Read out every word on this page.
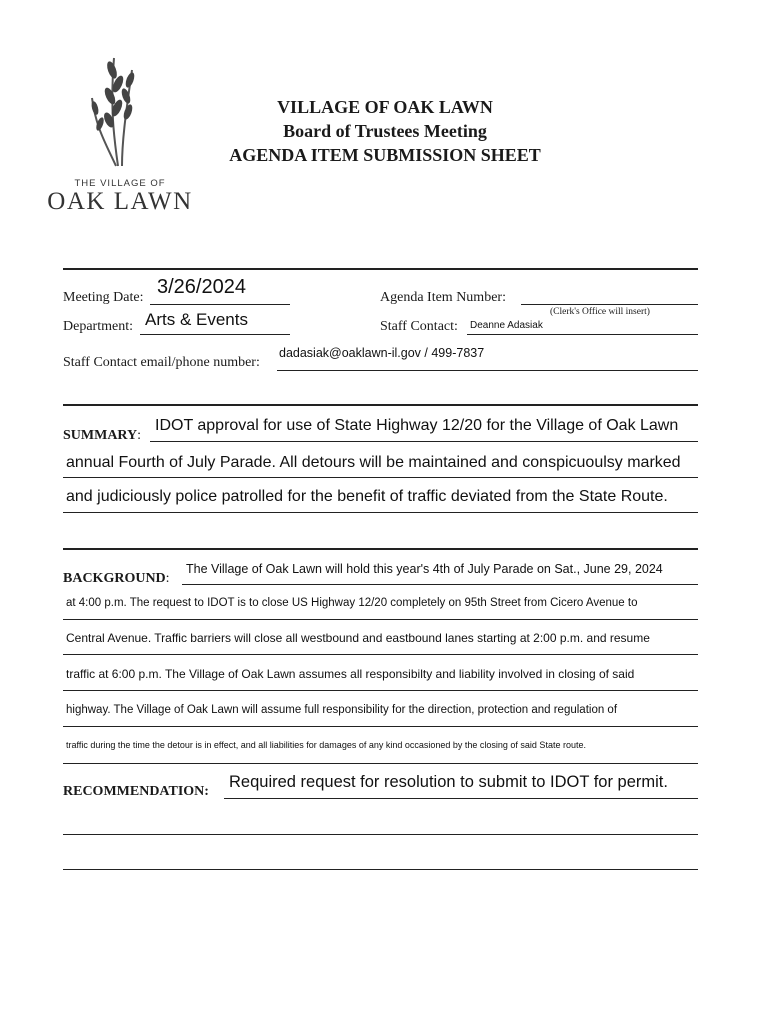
THE VILLAGE OF
OAK LAWN
VILLAGE OF OAK LAWN
Board of Trustees Meeting
AGENDA ITEM SUBMISSION SHEET
Meeting Date: 3/26/2024	Agenda Item Number:
(Clerk's Office will insert)
Department: Arts & Events	Staff Contact: Deanne Adasiak
Staff Contact email/phone number:
dadasiak@oaklawn-il.gov / 499-7837
SUMMARY:
IDOT approval for use of State Highway 12/20 for the Village of Oak Lawn
annual Fourth of July Parade. All detours will be maintained and conspicuoulsy marked
and judiciously police patrolled for the benefit of traffic deviated from the State Route.
BACKGROUND:
The Village of Oak Lawn will hold this year's 4th of July Parade on Sat., June 29, 2024
at 4:00 p.m. The request to IDOT is to close US Highway 12/20 completely on 95th Street from Cicero Avenue to
Central Avenue. Traffic barriers will close all westbound and eastbound lanes starting at 2:00 p.m. and resume
traffic at 6:00 p.m. The Village of Oak Lawn assumes all responsibilty and liability involved in closing of said
highway. The Village of Oak Lawn will assume full responsibility for the direction, protection and regulation of
traffic during the time the detour is in effect, and all liabilities for damages of any kind occasioned by the closing of said State route.
RECOMMENDATION:
Required request for resolution to submit to IDOT for permit.
